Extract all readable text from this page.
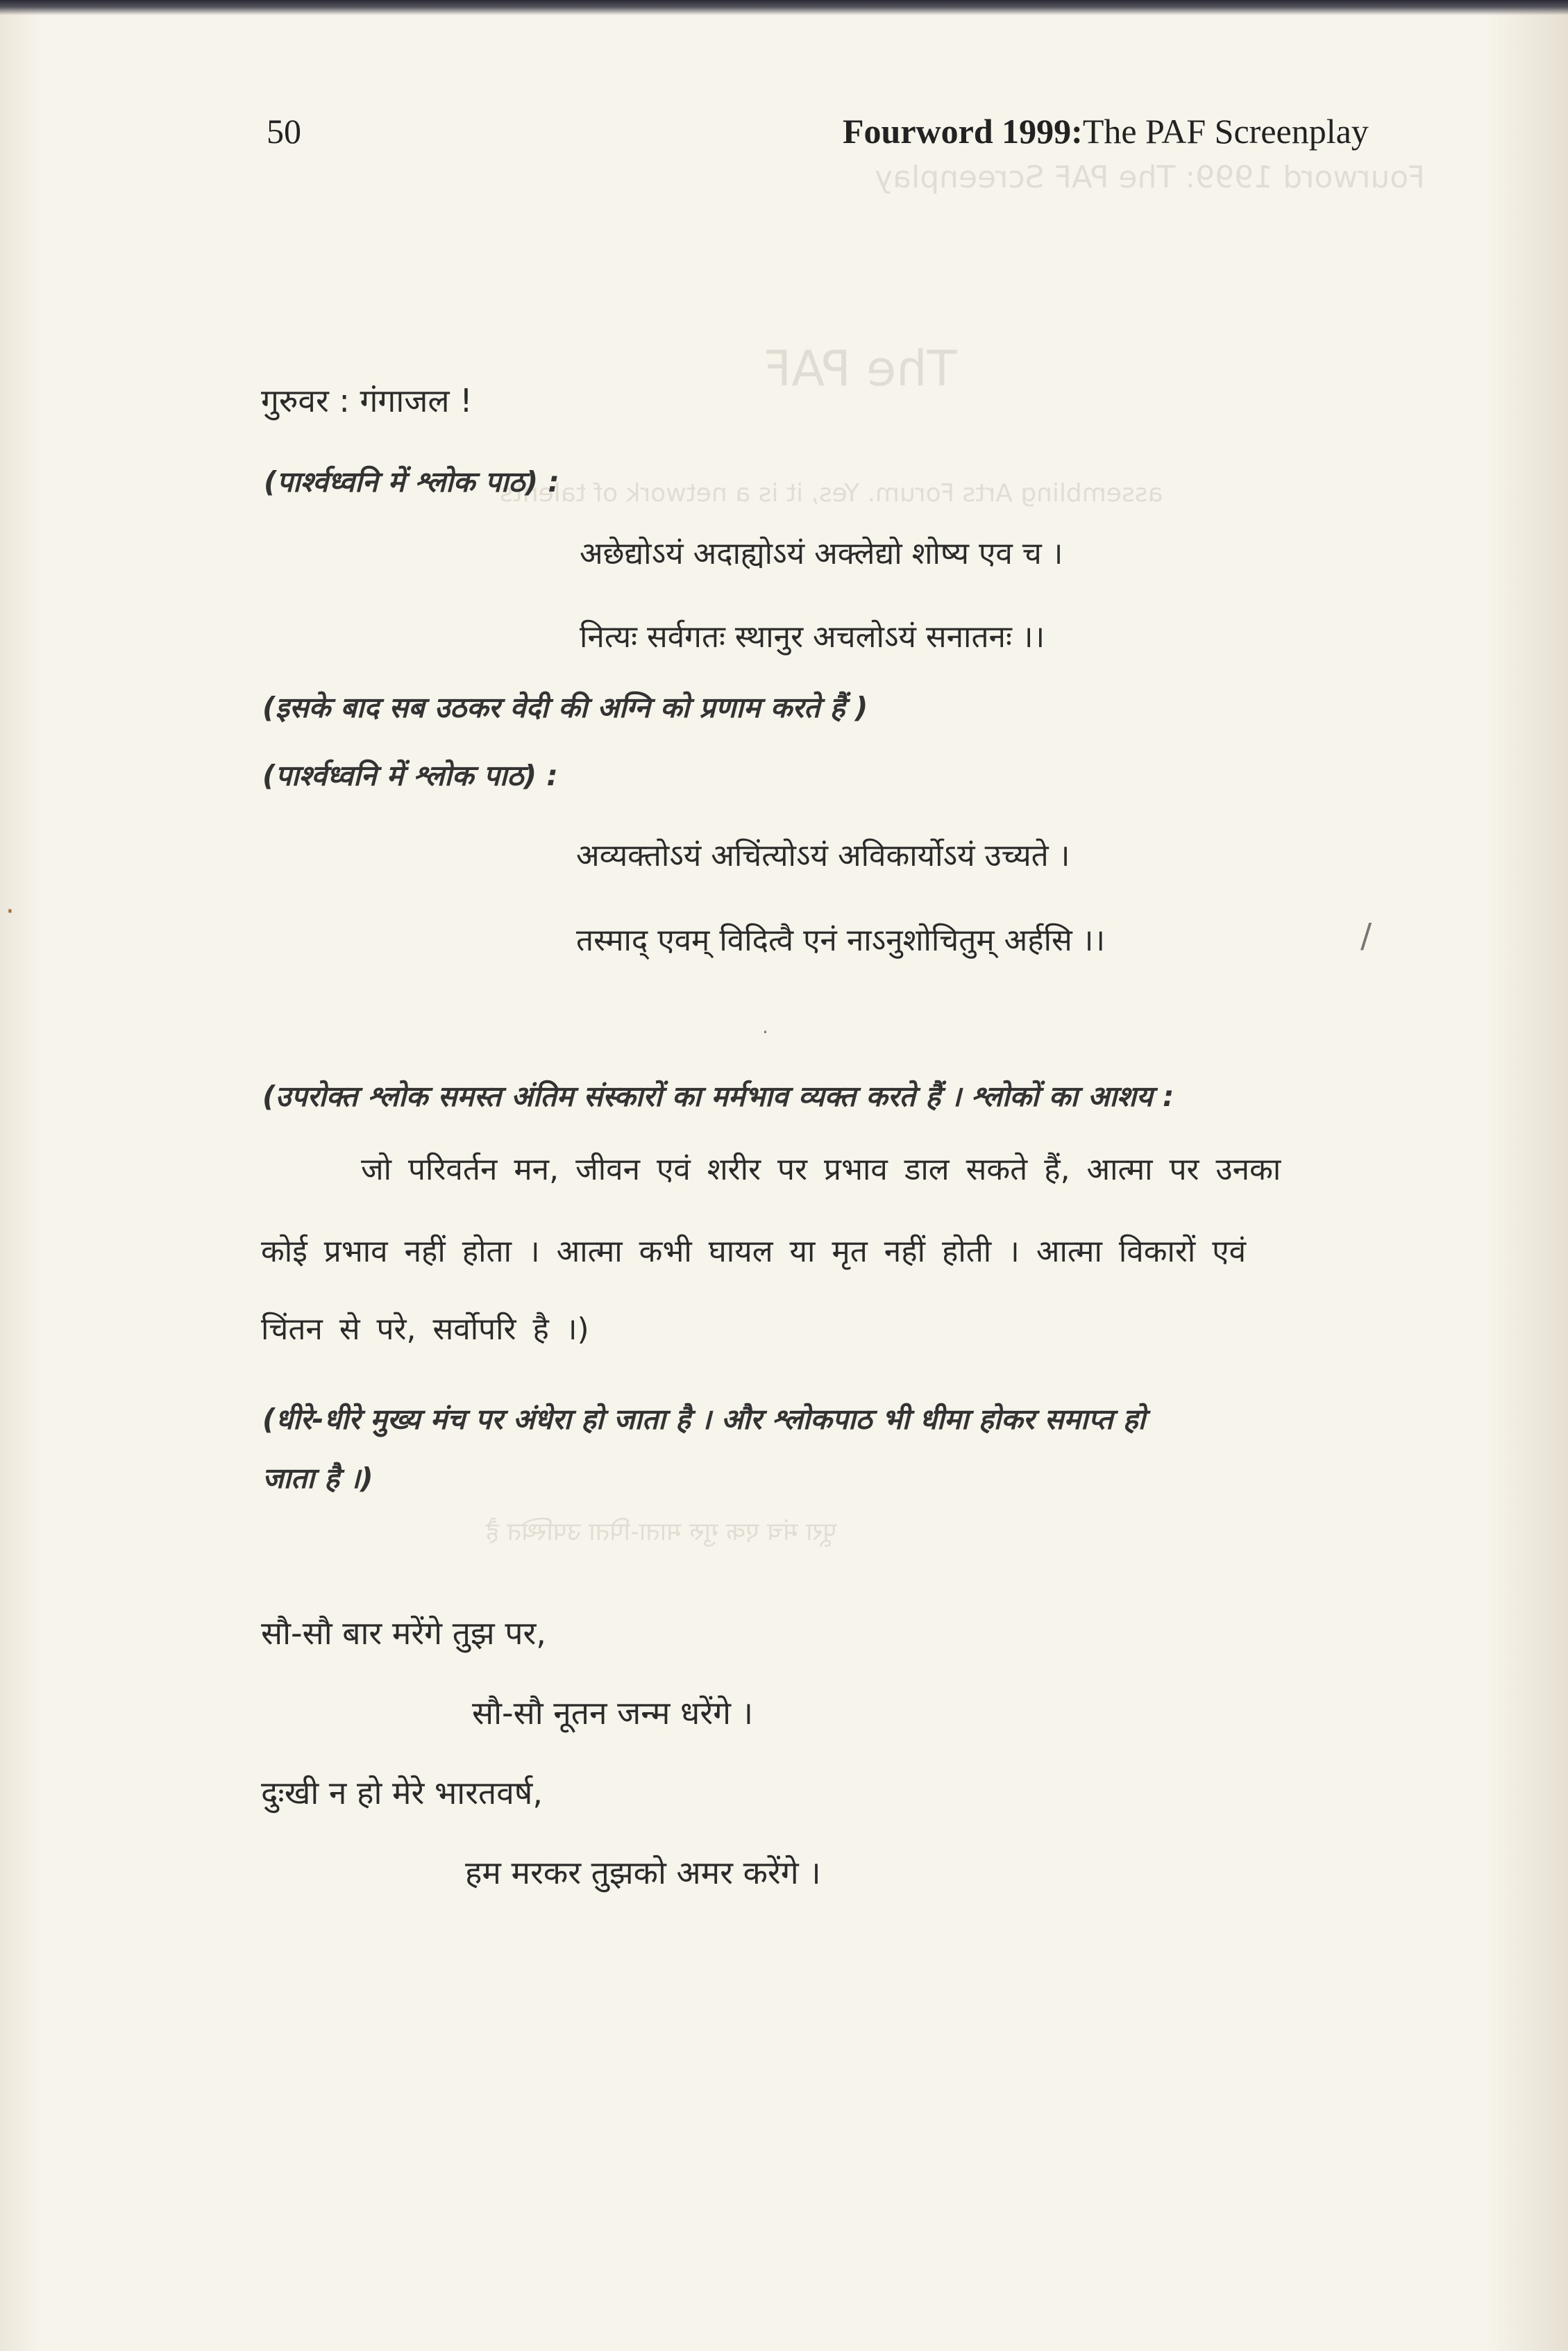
Fourword 1999: The PAF Screenplay
The PAF
assembling Arts Forum. Yes, it is a network of talents
पूरा मंच एक गुरु माता-पिता उपस्थित है
50	Fourword 1999:The PAF Screenplay
गुरुवर : गंगाजल !
(पार्श्वध्वनि में श्लोक पाठ) :
अछेद्योऽयं अदाह्योऽयं अक्लेद्यो शोष्य एव च ।
नित्यः सर्वगतः स्थानुर अचलोऽयं सनातनः ।।
(इसके बाद सब उठकर वेदी की अग्नि को प्रणाम करते हैं )
(पार्श्वध्वनि में श्लोक पाठ) :
अव्यक्तोऽयं अचिंत्योऽयं अविकार्योऽयं उच्यते ।
तस्माद् एवम् विदित्वै एनं नाऽनुशोचितुम् अर्हसि ।।	/
·
·
(उपरोक्त श्लोक समस्त अंतिम संस्कारों का मर्मभाव व्यक्त करते हैं । श्लोकों का आशय :
जो परिवर्तन मन, जीवन एवं शरीर पर प्रभाव डाल सकते हैं, आत्मा पर उनका
कोई प्रभाव नहीं होता । आत्मा कभी घायल या मृत नहीं होती । आत्मा विकारों एवं
चिंतन से परे, सर्वोपरि है ।)
(धीरे-धीरे मुख्य मंच पर अंधेरा हो जाता है । और श्लोकपाठ भी धीमा होकर समाप्त हो
जाता है ।)
सौ-सौ बार मरेंगे तुझ पर,
सौ-सौ नूतन जन्म धरेंगे ।
दुःखी न हो मेरे भारतवर्ष,
हम मरकर तुझको अमर करेंगे ।
